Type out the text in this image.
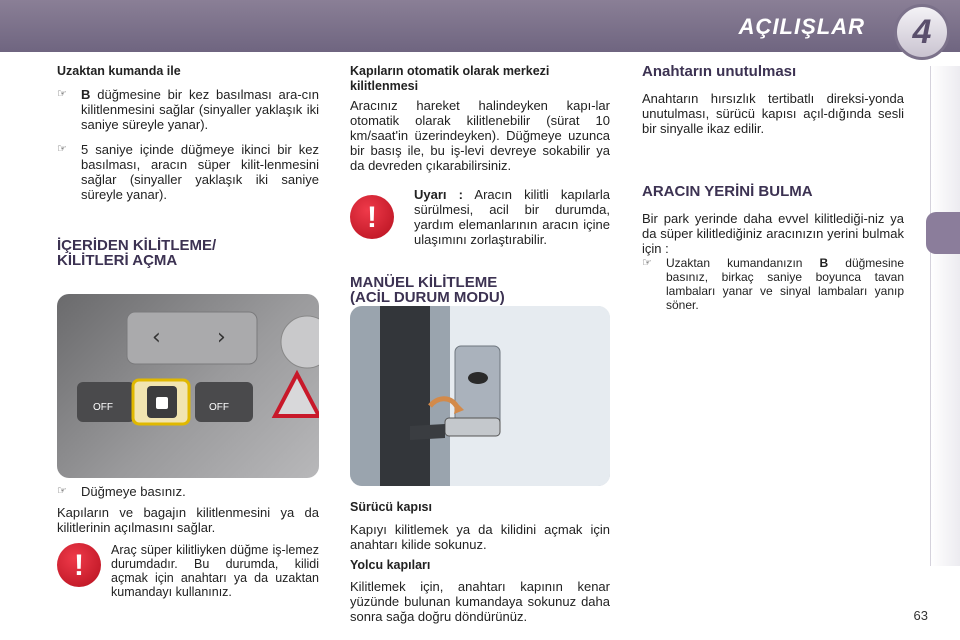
AÇILIŞLAR	4
Uzaktan kumanda ile
☞	B düğmesine bir kez basılması ara-cın kilitlenmesini sağlar (sinyaller yaklaşık iki saniye süreyle yanar).
☞	5 saniye içinde düğmeye ikinci bir kez basılması, aracın süper kilit-lenmesini sağlar (sinyaller yaklaşık iki saniye süreyle yanar).
İÇERİDEN KİLİTLEME/
KİLİTLERİ AÇMA
‹	›
OFF	OFF
☞	Düğmeye basınız.

Kapıların ve bagajın kilitlenmesini ya da kilitlerinin açılmasını sağlar.

!	Araç süper kilitliyken düğme iş-lemez durumdadır. Bu durumda, kilidi açmak için anahtarı ya da uzaktan kumandayı kullanınız.

Kapıların otomatik olarak merkezi kilitlenmesi

Aracınız hareket halindeyken kapı-lar otomatik olarak kilitlenebilir (sürat 10 km/saat'in üzerindeyken). Düğmeye uzunca bir basış ile, bu iş-levi devreye sokabilir ya da devreden çıkarabilirsiniz.

!

Uyarı : Aracın kilitli kapılarla sürülmesi, acil bir durumda, yardım elemanlarının aracın içine ulaşımını zorlaştırabilir.

MANÜEL KİLİTLEME
(ACİL DURUM MODU)
Sürücü kapısı

Kapıyı kilitlemek ya da kilidini açmak için anahtarı kilide sokunuz.

Yolcu kapıları

Kilitlemek için, anahtarı kapının kenar yüzünde bulunan kumandaya sokunuz daha sonra sağa doğru döndürünüz.

Anahtarın unutulması

Anahtarın hırsızlık tertibatlı direksi-yonda unutulması, sürücü kapısı açıl-dığında sesli bir sinyalle ikaz edilir.

ARACIN YERİNİ BULMA

Bir park yerinde daha evvel kilitlediği-niz ya da süper kilitlediğiniz aracınızın yerini bulmak için :

☞	Uzaktan kumandanızın B düğmesine basınız, birkaç saniye boyunca tavan lambaları yanar ve sinyal lambaları yanıp söner.
63
